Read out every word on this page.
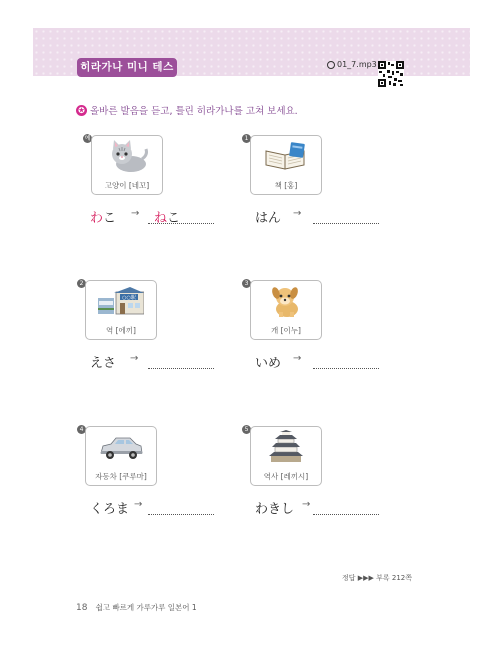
히라가나 미니 테스트
01_7.mp3
✪ 올바른 발음을 듣고, 틀린 히라가나를 고쳐 보세요.
예
고양이 [네꼬]
わこ → ねこ
1
책 [홍]
はん →
2
○○駅
역 [에끼]
えさ →
3
개 [이누]
いめ →
4
자동차 [쿠루마]
くろま →
5
역사 [레끼시]
わきし →
정답 ▶▶▶ 부록 212쪽
18 쉽고 빠르게 가루가루 일본어 1
